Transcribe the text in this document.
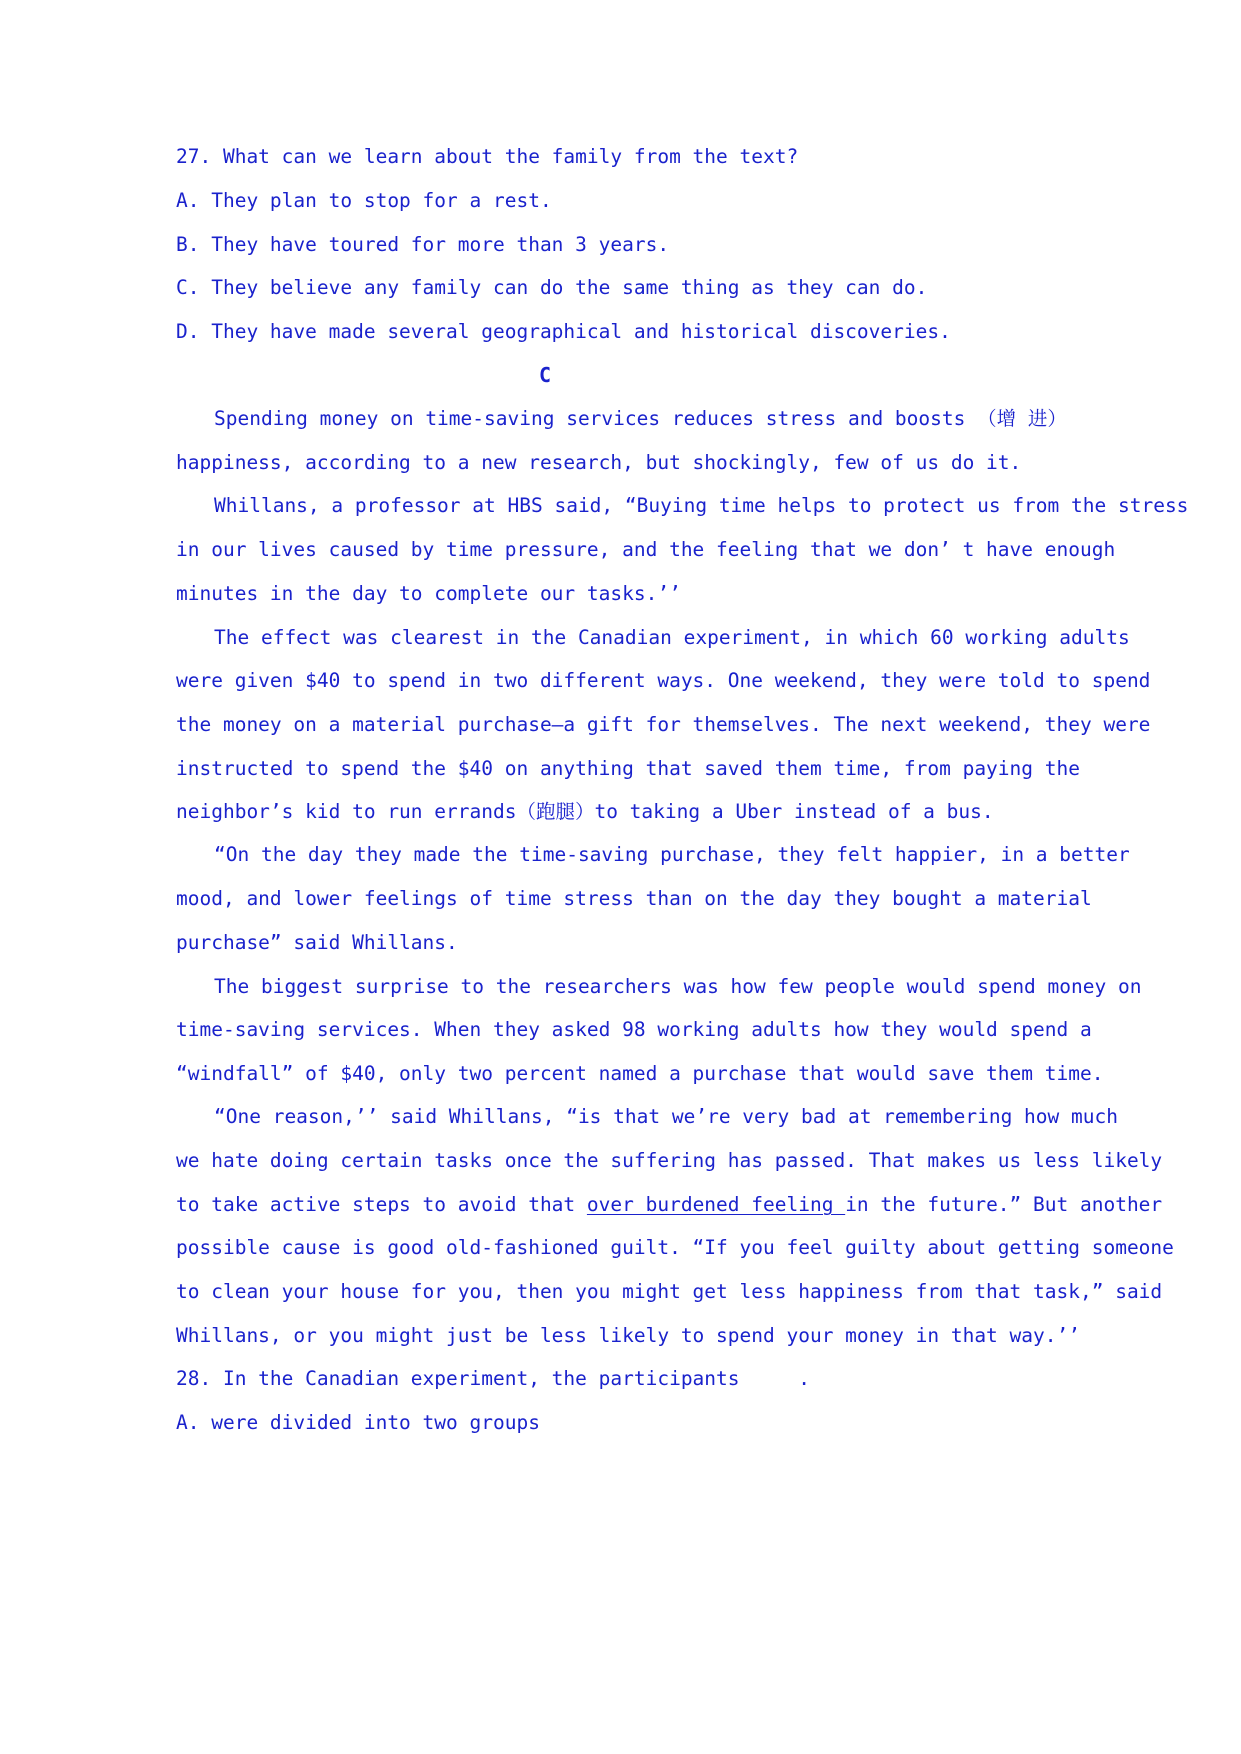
27. What can we learn about the family from the text?
A. They plan to stop for a rest.
B. They have toured for more than 3 years.
C. They believe any family can do the same thing as they can do.
D. They have made several geographical and historical discoveries.
C
Spending money on time-saving services reduces stress and boosts （增 进）
happiness, according to a new research, but shockingly, few of us do it.
Whillans, a professor at HBS said, “Buying time helps to protect us from the stress
in our lives caused by time pressure, and the feeling that we don’ t have enough
minutes in the day to complete our tasks.’’
The effect was clearest in the Canadian experiment, in which 60 working adults
were given $40 to spend in two different ways. One weekend, they were told to spend
the money on a material purchase—a gift for themselves. The next weekend, they were
instructed to spend the $40 on anything that saved them time, from paying the
neighbor’s kid to run errands（跑腿）to taking a Uber instead of a bus.
“On the day they made the time-saving purchase, they felt happier, in a better
mood, and lower feelings of time stress than on the day they bought a material
purchase” said Whillans.
The biggest surprise to the researchers was how few people would spend money on
time-saving services. When they asked 98 working adults how they would spend a
“windfall” of $40, only two percent named a purchase that would save them time.
“One reason,’’ said Whillans, “is that we’re very bad at remembering how much
we hate doing certain tasks once the suffering has passed. That makes us less likely
to take active steps to avoid that over burdened feeling in the future.” But another
possible cause is good old-fashioned guilt. “If you feel guilty about getting someone
to clean your house for you, then you might get less happiness from that task,” said
Whillans, or you might just be less likely to spend your money in that way.’’
28. In the Canadian experiment, the participants     .
A. were divided into two groups
